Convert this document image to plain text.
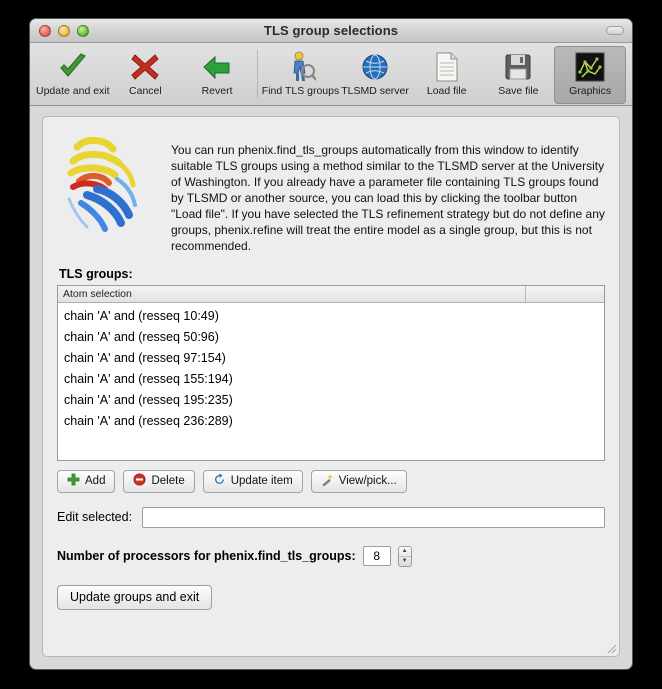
TLS group selections
Update and exit Cancel	Revert	Find TLS groups TLSMD server Load file	Save file	Graphics
You can run phenix.find_tls_groups automatically from this window to identify suitable TLS groups using a method similar to the TLSMD server at the University of Washington. If you already have a parameter file containing TLS groups found by TLSMD or another source, you can load this by clicking the toolbar button "Load file". If you have selected the TLS refinement strategy but do not define any groups, phenix.refine will treat the entire model as a single group, but this is not recommended.
TLS groups:
Atom selection
chain 'A' and (resseq 10:49)
chain 'A' and (resseq 50:96)
chain 'A' and (resseq 97:154)
chain 'A' and (resseq 155:194)
chain 'A' and (resseq 195:235)
chain 'A' and (resseq 236:289)
Add	Delete	Update item	View/pick...
Edit selected:
Number of processors for phenix.find_tls_groups:
8	▲
▼
Update groups and exit
